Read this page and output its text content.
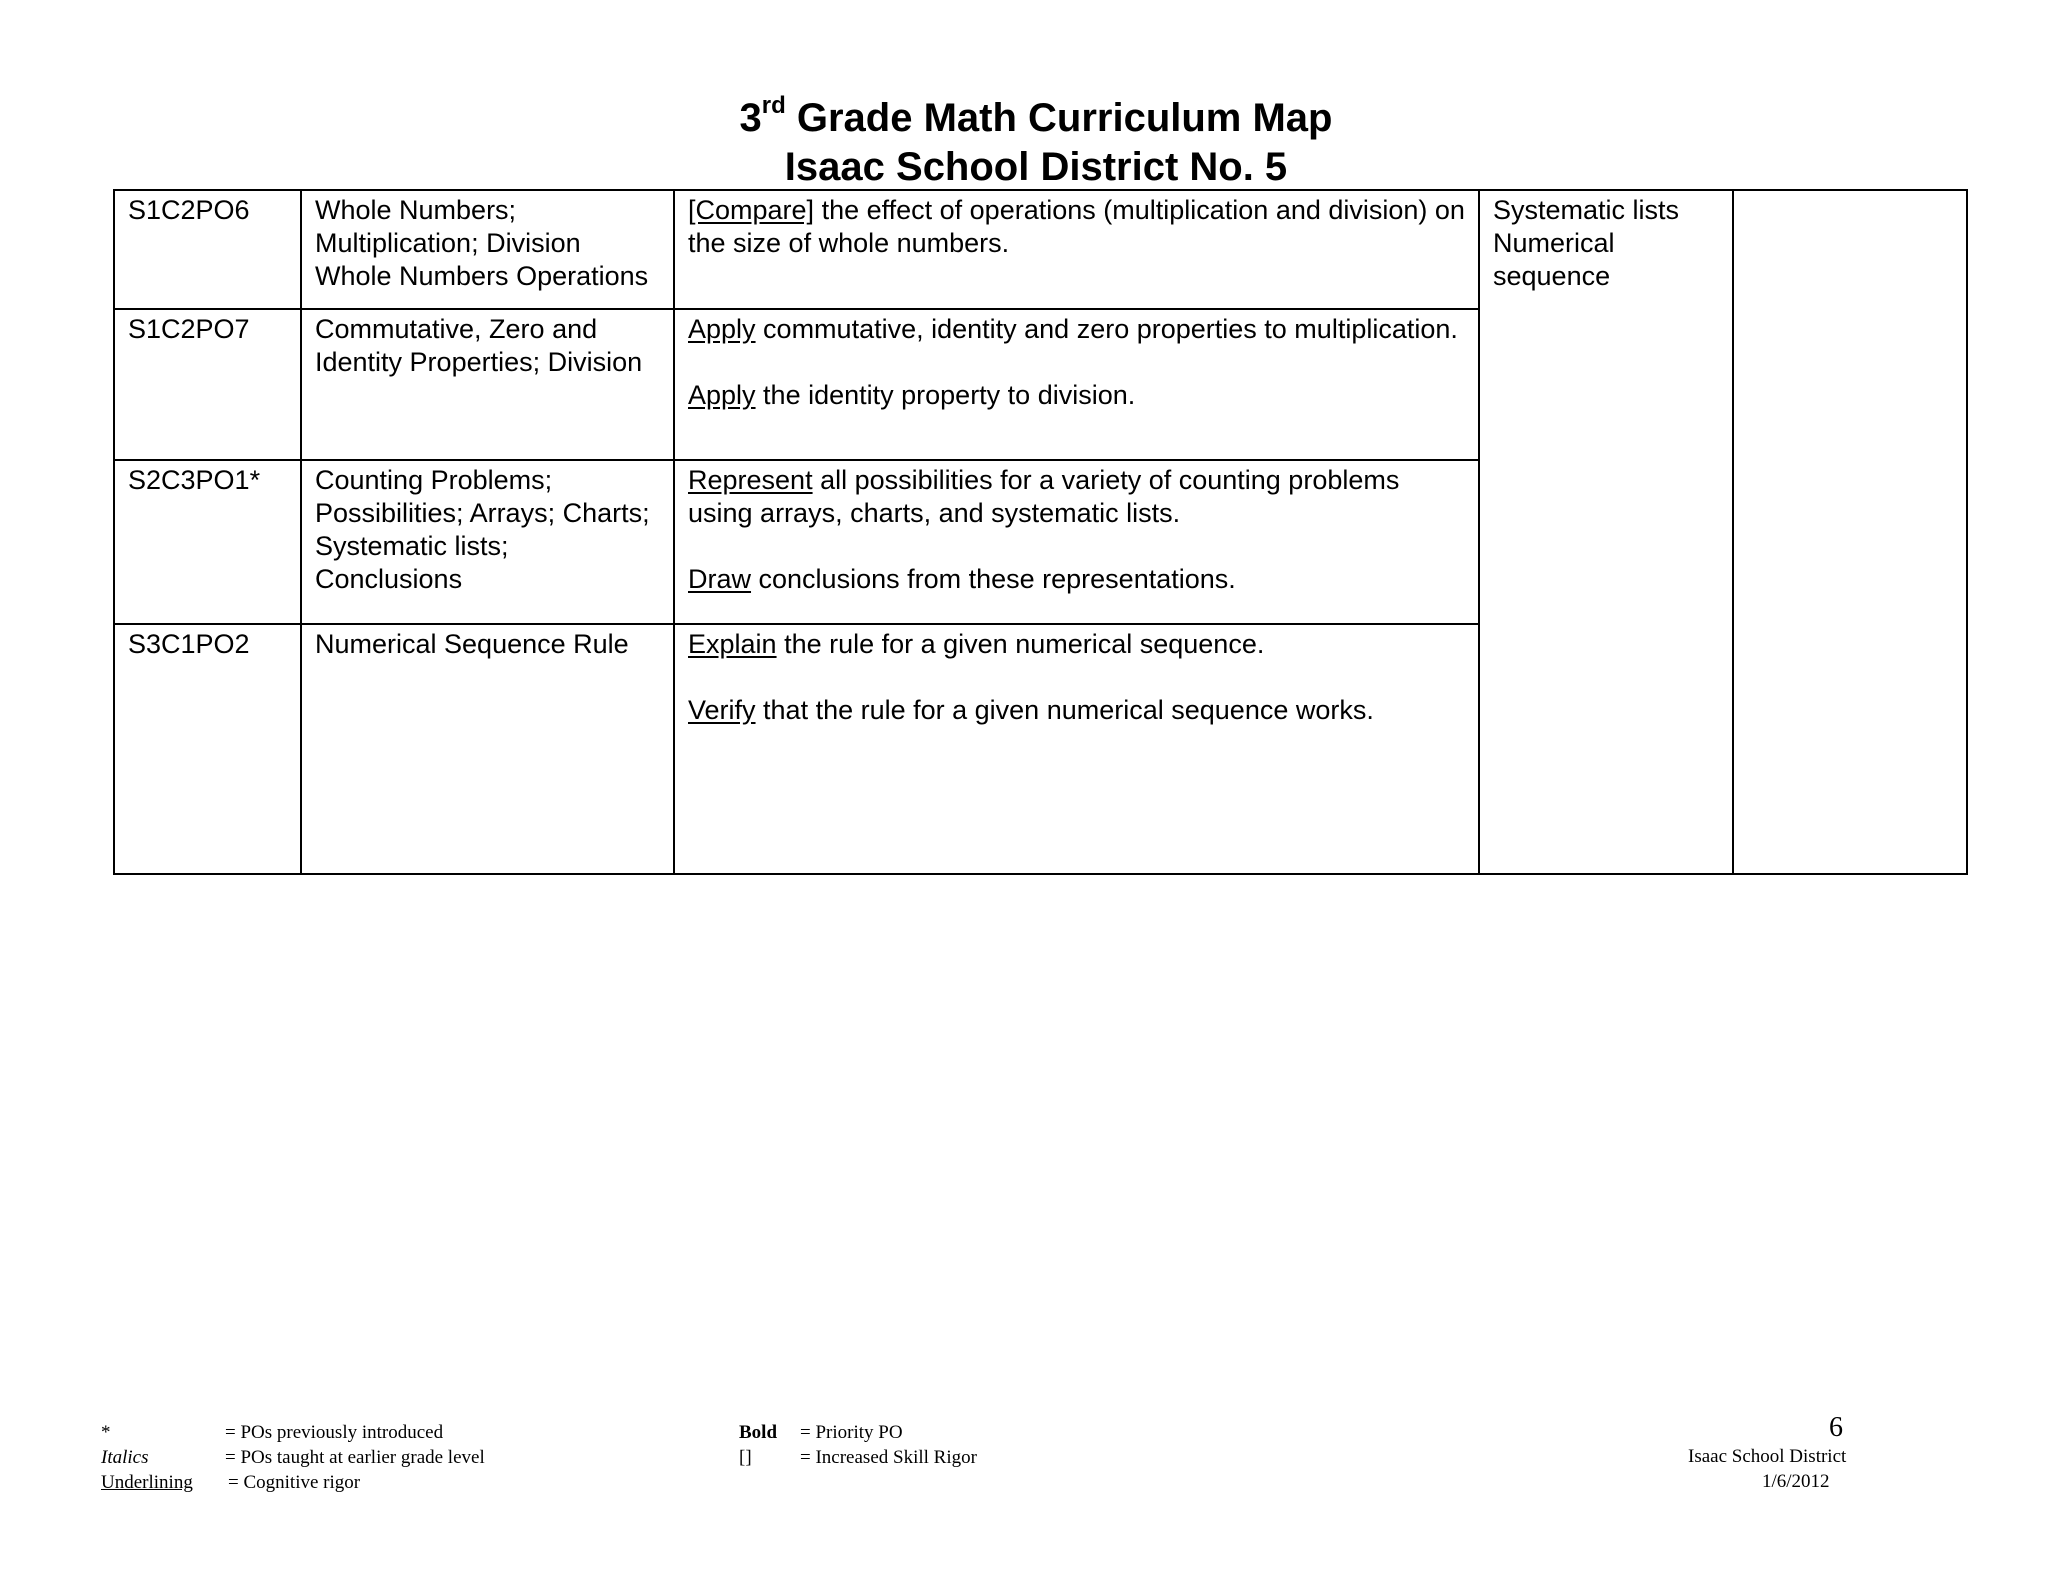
3rd Grade Math Curriculum Map
Isaac School District No. 5
S1C2PO6	Whole Numbers;
Multiplication; Division
Whole Numbers Operations	[Compare] the effect of operations (multiplication and division) on the size of whole numbers.	Systematic lists
Numerical
sequence	

S1C2PO7	Commutative, Zero and
Identity Properties; Division	Apply commutative, identity and zero properties to multiplication.
Apply the identity property to division.		

S2C3PO1*	Counting Problems;
Possibilities; Arrays; Charts;
Systematic lists;
Conclusions	Represent all possibilities for a variety of counting problems using arrays, charts, and systematic lists.
Draw conclusions from these representations.		

S3C1PO2	Numerical Sequence Rule	Explain the rule for a given numerical sequence.
Verify that the rule for a given numerical sequence works.		
*	= POs previously introduced
Italics	= POs taught at earlier grade level
Underlining = Cognitive rigor
Bold = Priority PO
[]	= Increased Skill Rigor
6
Isaac School District
1/6/2012
